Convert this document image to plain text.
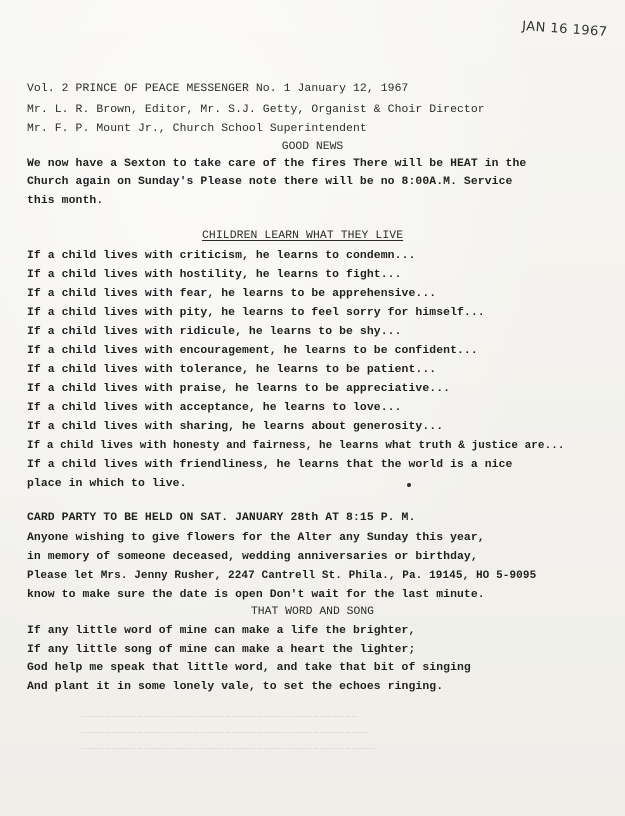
JAN 16 1967
~~~~~~~~~~~~~~~~~~~~~~~~~~~~~~~~~~~~~~~~~~~~
~~~~~~~~~~~~~~~~~~~~~~~~~~~~~~~~~~~~~~~~~~~~~~
~~~~~~~~~~~~~~~~~~~~~~~~~~~~~~~~~~~~~~~~~~~~~~~
Vol. 2 PRINCE OF PEACE MESSENGER No. 1 January 12, 1967
Mr. L. R. Brown, Editor, Mr. S.J. Getty, Organist & Choir Director
Mr. F. P. Mount Jr., Church School Superintendent
GOOD NEWS
We now have a Sexton to take care of the fires There will be HEAT in the
Church again on Sunday's Please note there will be no 8:00A.M. Service
this month.
CHILDREN LEARN WHAT THEY LIVE
If a child lives with criticism, he learns to condemn...
If a child lives with hostility, he learns to fight...
If a child lives with fear, he learns to be apprehensive...
If a child lives with pity, he learns to feel sorry for himself...
If a child lives with ridicule, he learns to be shy...
If a child lives with encouragement, he learns to be confident...
If a child lives with tolerance, he learns to be patient...
If a child lives with praise, he learns to be appreciative...
If a child lives with acceptance, he learns to love...
If a child lives with sharing, he learns about generosity...
If a child lives with honesty and fairness, he learns what truth & justice are...
If a child lives with friendliness, he learns that the world is a nice
place in which to live.
CARD PARTY TO BE HELD ON SAT. JANUARY 28th AT 8:15 P. M.
Anyone wishing to give flowers for the Alter any Sunday this year,
in memory of someone deceased, wedding anniversaries or birthday,
Please let Mrs. Jenny Rusher, 2247 Cantrell St. Phila., Pa. 19145, HO 5-9095
know to make sure the date is open Don't wait for the last minute.
THAT WORD AND SONG
If any little word of mine can make a life the brighter,
If any little song of mine can make a heart the lighter;
God help me speak that little word, and take that bit of singing
And plant it in some lonely vale, to set the echoes ringing.
